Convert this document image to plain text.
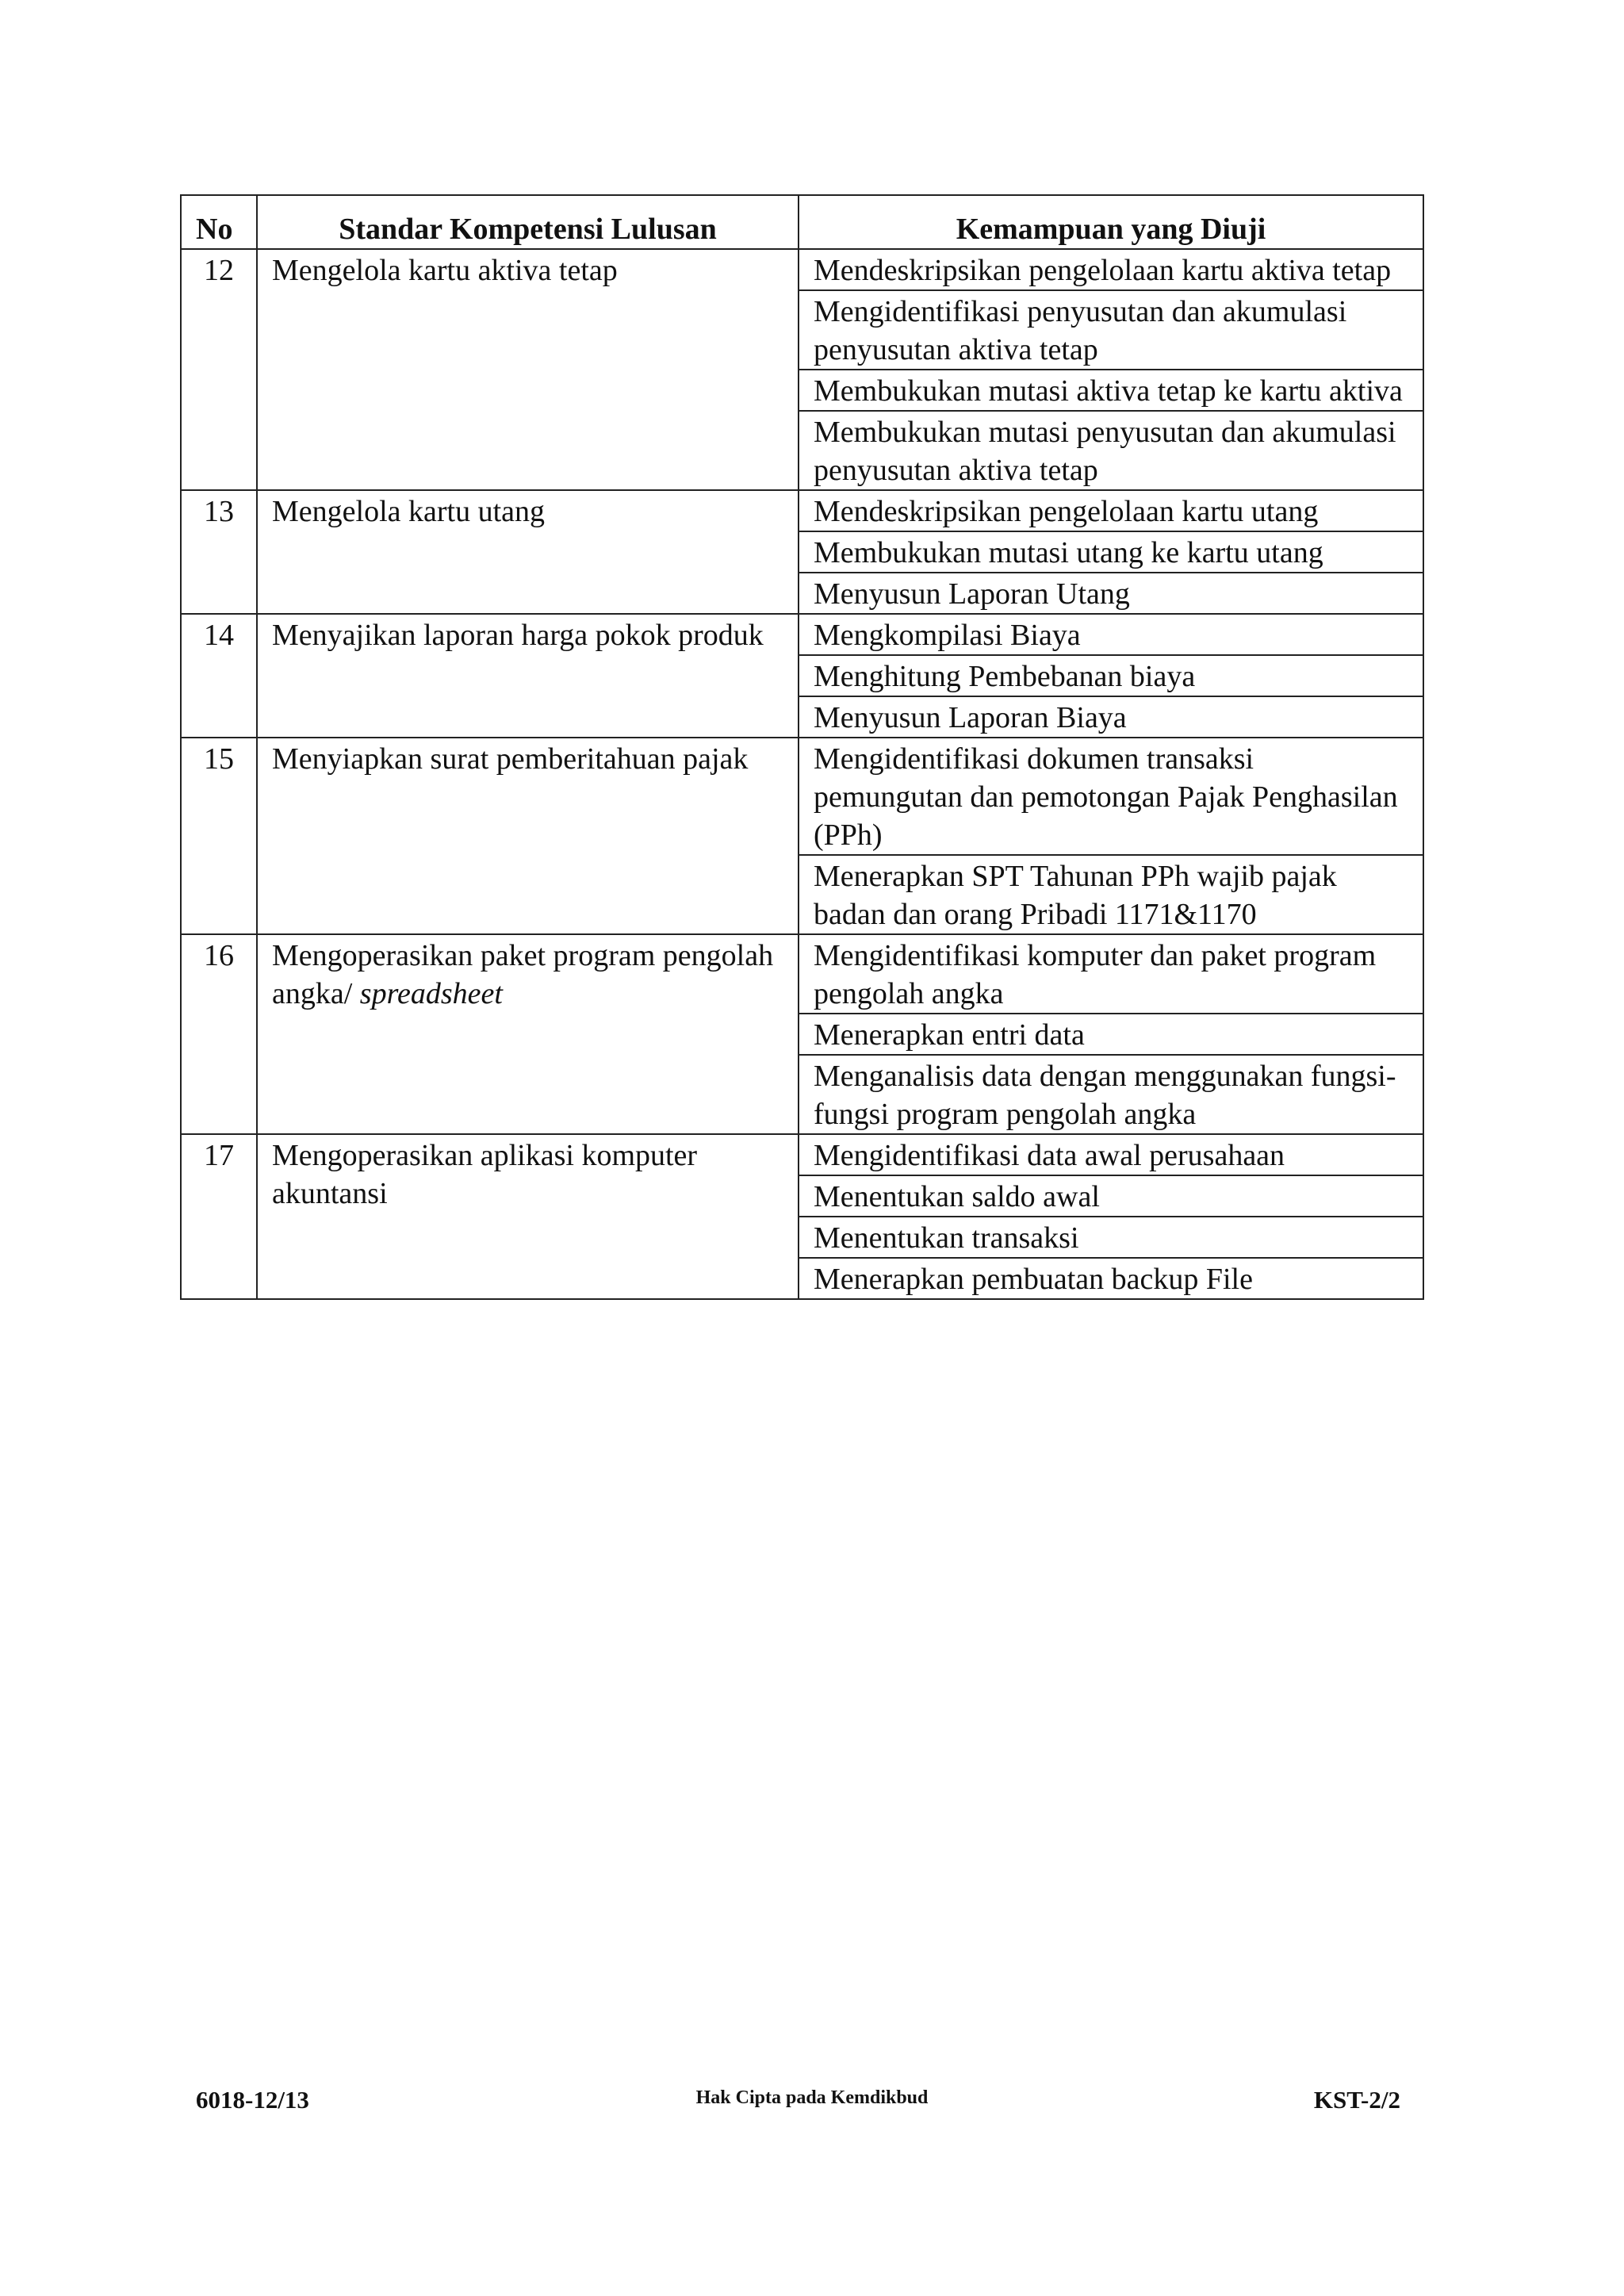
No	Standar Kompetensi Lulusan	Kemampuan yang Diuji
12	Mengelola kartu aktiva tetap	Mendeskripsikan pengelolaan kartu aktiva tetap
		Mengidentifikasi penyusutan dan akumulasi penyusutan aktiva tetap
		Membukukan mutasi aktiva tetap ke kartu aktiva
		Membukukan mutasi penyusutan dan akumulasi penyusutan aktiva tetap
13	Mengelola kartu utang	Mendeskripsikan pengelolaan kartu utang
		Membukukan mutasi utang ke kartu utang
		Menyusun Laporan Utang
14	Menyajikan laporan harga pokok produk	Mengkompilasi Biaya
		Menghitung Pembebanan biaya
		Menyusun Laporan Biaya
15	Menyiapkan surat pemberitahuan pajak	Mengidentifikasi dokumen transaksi pemungutan dan pemotongan Pajak Penghasilan (PPh)
		Menerapkan SPT Tahunan PPh wajib pajak badan dan orang Pribadi 1171&1170
16	Mengoperasikan paket program pengolah angka/ spreadsheet	Mengidentifikasi komputer dan paket program pengolah angka
		Menerapkan entri data
		Menganalisis data dengan menggunakan fungsi-fungsi program pengolah angka
17	Mengoperasikan aplikasi komputer akuntansi	Mengidentifikasi data awal perusahaan
		Menentukan saldo awal
		Menentukan transaksi
		Menerapkan pembuatan backup File
6018-12/13	Hak Cipta pada Kemdikbud	KST-2/2
